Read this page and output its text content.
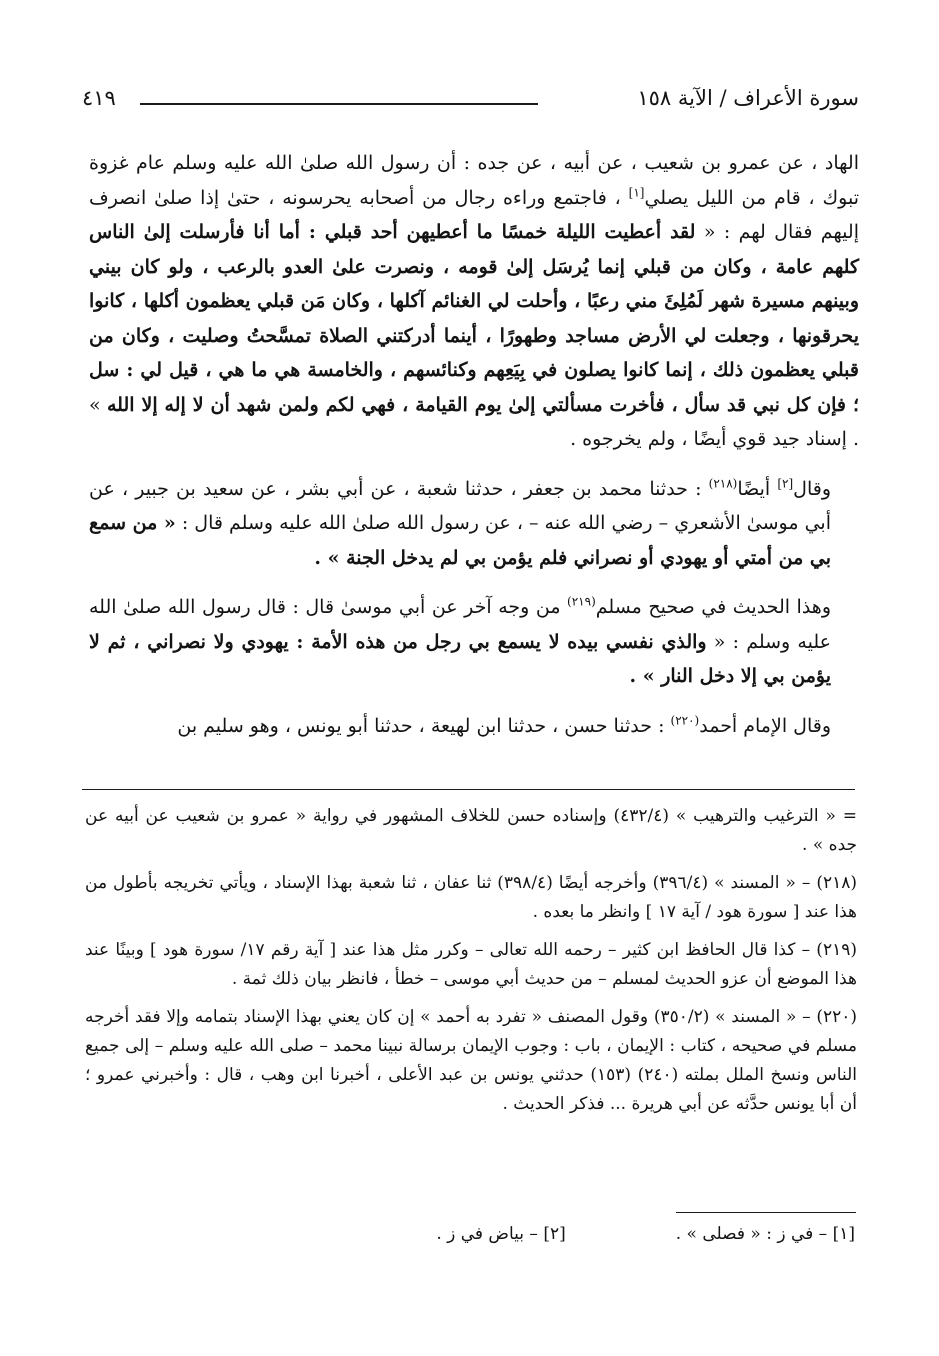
سورة الأعراف / الآية ١٥٨
٤١٩

الهاد ، عن عمرو بن شعيب ، عن أبيه ، عن جده : أن رسول الله صلىٰ الله عليه وسلم عام غزوة تبوك ، قام من الليل يصلي[١] ، فاجتمع وراءه رجال من أصحابه يحرسونه ، حتىٰ إذا صلىٰ انصرف إليهم فقال لهم : « لقد أعطيت الليلة خمسًا ما أعطيهن أحد قبلي : أما أنا فأرسلت إلىٰ الناس كلهم عامة ، وكان من قبلي إنما يُرسَل إلىٰ قومه ، ونصرت علىٰ العدو بالرعب ، ولو كان بيني وبينهم مسيرة شهر لَمُلِئَ مني رعبًا ، وأحلت لي الغنائم آكلها ، وكان مَن قبلي يعظمون أكلها ، كانوا يحرقونها ، وجعلت لي الأرض مساجد وطهورًا ، أينما أدركتني الصلاة تمسَّحتُ وصليت ، وكان من قبلي يعظمون ذلك ، إنما كانوا يصلون في بِيَعِهم وكنائسهم ، والخامسة هي ما هي ، قيل لي : سل ؛ فإن كل نبي قد سأل ، فأخرت مسألتي إلىٰ يوم القيامة ، فهي لكم ولمن شهد أن لا إله إلا الله » . إسناد جيد قوي أيضًا ، ولم يخرجوه .

وقال[٢] أيضًا$^{(٢١٨)}$ : حدثنا محمد بن جعفر ، حدثنا شعبة ، عن أبي بشر ، عن سعيد بن جبير ، عن أبي موسىٰ الأشعري – رضي الله عنه – ، عن رسول الله صلىٰ الله عليه وسلم قال : « من سمع بي من أمتي أو يهودي أو نصراني فلم يؤمن بي لم يدخل الجنة » .

وهذا الحديث في صحيح مسلم$^{(٢١٩)}$ من وجه آخر عن أبي موسىٰ قال : قال رسول الله صلىٰ الله عليه وسلم : « والذي نفسي بيده لا يسمع بي رجل من هذه الأمة : يهودي ولا نصراني ، ثم لا يؤمن بي إلا دخل النار » .

وقال الإمام أحمد$^{(٢٢٠)}$ : حدثنا حسن ، حدثنا ابن لهيعة ، حدثنا أبو يونس ، وهو سليم بن

= « الترغيب والترهيب » (٤٣٢/٤) وإسناده حسن للخلاف المشهور في رواية « عمرو بن شعيب عن أبيه عن جده » .

(٢١٨) – « المسند » (٣٩٦/٤) وأخرجه أيضًا (٣٩٨/٤) ثنا عفان ، ثنا شعبة بهذا الإسناد ، ويأتي تخريجه بأطول من هذا عند [ سورة هود / آية ١٧ ] وانظر ما بعده .

(٢١٩) – كذا قال الحافظ ابن كثير – رحمه الله تعالى – وكرر مثل هذا عند [ آية رقم ١٧/ سورة هود ] وبينًا عند هذا الموضع أن عزو الحديث لمسلم – من حديث أبي موسى – خطأ ، فانظر بيان ذلك ثمة .

(٢٢٠) – « المسند » (٣٥٠/٢) وقول المصنف « تفرد به أحمد » إن كان يعني بهذا الإسناد بتمامه وإلا فقد أخرجه مسلم في صحيحه ، كتاب : الإيمان ، باب : وجوب الإيمان برسالة نبينا محمد – صلى الله عليه وسلم – إلى جميع الناس ونسخ الملل بملته (٢٤٠) (١٥٣) حدثني يونس بن عبد الأعلى ، أخبرنا ابن وهب ، قال : وأخبرني عمرو ؛ أن أبا يونس حدَّثه عن أبي هريرة ... فذكر الحديث .

[١] – في ز : « فصلى » .[٢] – بياض في ز .
